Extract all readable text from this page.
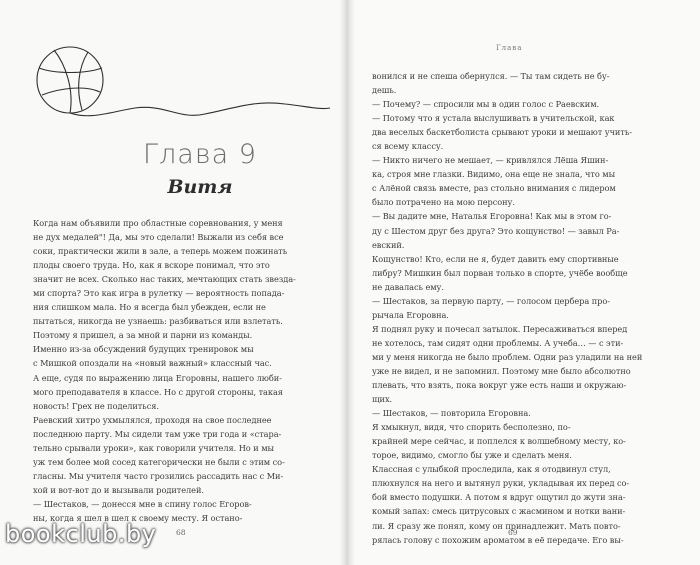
Глава 9
Витя
Когда нам объявили про областные соревнования, у меня
не дух медалей"! Да, мы это сделали! Выжали из себя все
соки, практически жили в зале, а теперь можем пожинать
плоды своего труда. Но, как я вскоре понимал, что это
значит не всех. Сколько нас таких, мечтающих стать звезда-
ми спорта? Это как игра в рулетку — вероятность попада-
ния слишком мала. Но я всегда был убежден, если не
пытаться, никогда не узнаешь: разбиваться или взлетать.
Поэтому я пришел, а за мной и парни из команды.
Именно из-за обсуждений будущих тренировок мы
с Мишкой опоздали на «новый важный» классный час.
А еще, судя по выражению лица Егоровны, нашего люби-
мого преподавателя в классе. Но с другой стороны, такая
новость! Грех не поделиться.
Раевский хитро ухмылялся, проходя на свое последнее
последнюю парту. Мы сидели там уже три года и «стара-
тельно срывали уроки», как говорили учителя. Но и мы
уж тем более мой сосед категорически не были с этим со-
гласны. Мы учителя часто грозились рассадить нас с Ми-
хой и вот-вот до и вызывали родителей.
— Шестаков, — донесся мне в спину голос Егоров-
ны, когда я шел в шел к своему месту. Я остано-
68
Глава
вонился и не спеша обернулся. — Ты там сидеть не бу-
дешь.
— Почему? — спросили мы в один голос с Раевским.
— Потому что я устала выслушивать в учительской, как
два веселых баскетболиста срывают уроки и мешают учить-
ся всему классу.
— Никто ничего не мешает, — кривлялся Лёша Яшин-
ка, строя мне глазки. Видимо, она еще не знала, что мы
с Алёной связь вместе, раз стольно внимания с лидером
было потрачено на мою персону.
— Вы дадите мне, Наталья Егоровна! Как мы в этом го-
ду с Шестом друг без друга? Это кощунство! — завыл Ра-
евский.
Кощунство! Кто, если не я, будет давить ему спортивные
либру? Мишкин был порван только в спорте, учёбе вообще
не давалась ему.
— Шестаков, за первую парту, — голосом цербера про-
рычала Егоровна.
Я поднял руку и почесал затылок. Пересаживаться вперед
не хотелось, там сидят одни проблемы. А учеба… — с эти-
ми у меня никогда не было проблем. Одни раз уладили на ней
уже не видел, и не запомнил. Поэтому мне было абсолютно
плевать, что взять, пока вокруг уже есть наши и окружаю-
щих.
— Шестаков, — повторила Егоровна.
Я хмыкнул, видя, что спорить бесполезно, по-
крайней мере сейчас, и поплелся к волшебному месту, ко-
торое, видимо, смогло бы уже и сделать меня.
Классная с улыбкой проследила, как я отодвинул стул,
плюхнулся на него и вытянул руки, укладывая их перед со-
бой вместо подушки. А потом я вдруг ощутил до жути зна-
комый запах: смесь цитрусовых с жасмином и нотки вани-
ли. Я сразу же понял, кому он принадлежит. Мать повто-
рялась голову с похожим ароматом в её передаче. Его вы-
69
bookclub.by
